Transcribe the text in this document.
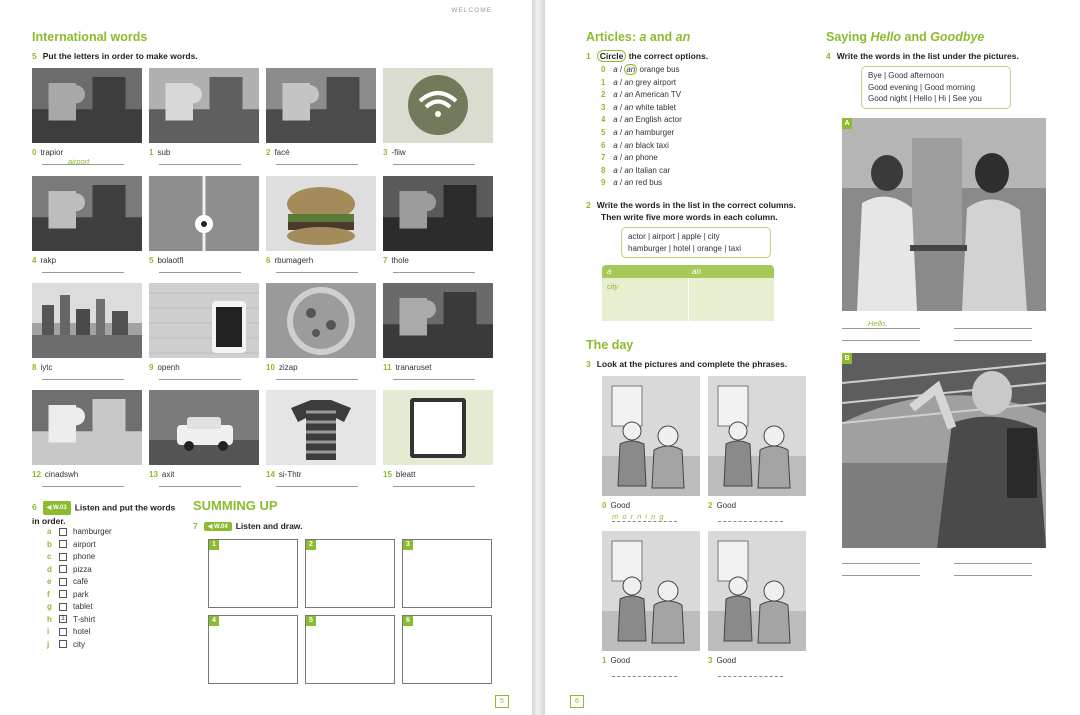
WELCOME
International words
5 Put the letters in order to make words.
0 trapior
airport
1 sub	2 facé	3 -fiiw
4 rakp	5 bolaotfl	6 rbumagerh	7 thole
8 iytc	9 openh	10 zizap	11 tranaruset
12 cinadswh	13 axit	14 si-Thtr	15 bleatt
6 ◀ W.03 Listen and put the words in order.
a	hamburger
b	airport
c	phone
d	pizza
e	café
f	park
g	tablet
h	1 T-shirt
i	hotel
j	city
SUMMING UP
7 ◀ W.04 Listen and draw.
1	2	3
4	5	6
5
Articles: a and an
1 Circle the correct options.
0 a / an orange bus
1 a / an grey airport
2 a / an American TV
3 a / an white tablet
4 a / an English actor
5 a / an hamburger
6 a / an black taxi
7 a / an phone
8 a / an Italian car
9 a / an red bus
2 Write the words in the list in the correct columns.
Then write five more words in each column.
actor | airport | apple | city
hamburger | hotel | orange | taxi
a	an
city
The day
3 Look at the pictures and complete the phrases.
0 Good
m o r n i n g
2 Good
1 Good	3 Good
Saying Hello and Goodbye
4 Write the words in the list under the pictures.
Bye | Good afternoon
Good evening | Good morning
Good night | Hello | Hi | See you
A
Hello.
B
6
